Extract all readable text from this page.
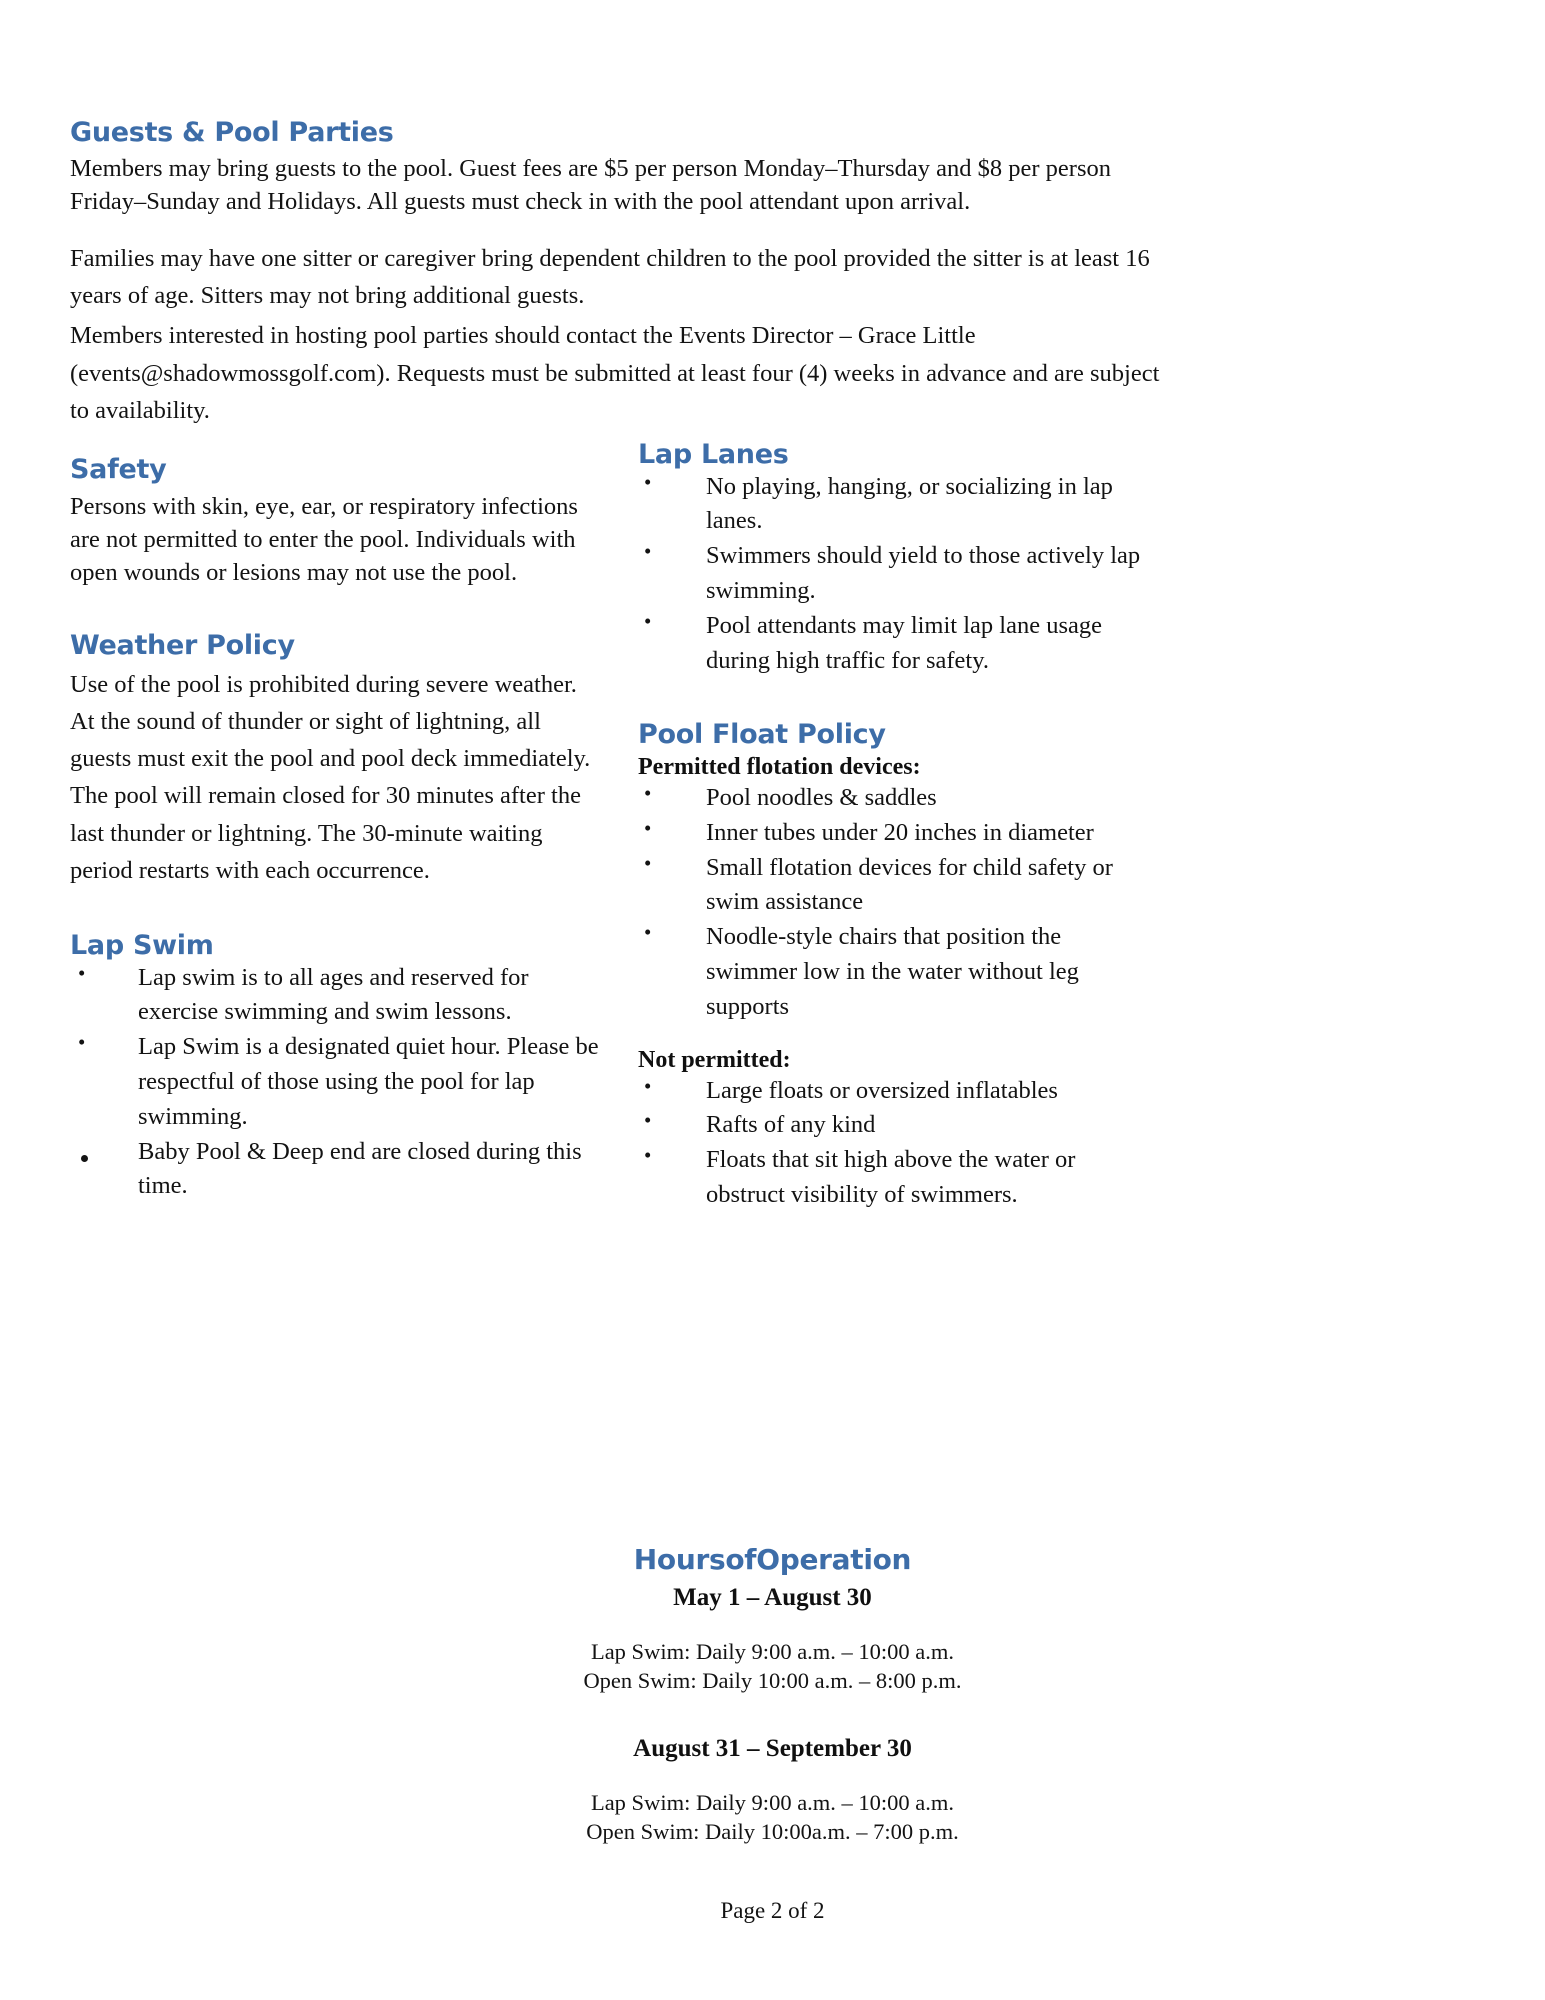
Guests & Pool Parties

Members may bring guests to the pool. Guest fees are $5 per person Monday–Thursday and $8 per person Friday–Sunday and Holidays. All guests must check in with the pool attendant upon arrival.

Families may have one sitter or caregiver bring dependent children to the pool provided the sitter is at least 16 years of age. Sitters may not bring additional guests.

Members interested in hosting pool parties should contact the Events Director – Grace Little (events@shadowmossgolf.com). Requests must be submitted at least four (4) weeks in advance and are subject to availability.

Safety

Persons with skin, eye, ear, or respiratory infections are not permitted to enter the pool. Individuals with open wounds or lesions may not use the pool.

Weather Policy

Use of the pool is prohibited during severe weather. At the sound of thunder or sight of lightning, all guests must exit the pool and pool deck immediately. The pool will remain closed for 30 minutes after the last thunder or lightning. The 30-minute waiting period restarts with each occurrence.

Lap Swim
• Lap swim is to all ages and reserved for exercise swimming and swim lessons.
• Lap Swim is a designated quiet hour. Please be respectful of those using the pool for lap swimming.
Baby Pool & Deep end are closed during this time.
Lap Lanes
• No playing, hanging, or socializing in lap lanes.
• Swimmers should yield to those actively lap swimming.
• Pool attendants may limit lap lane usage during high traffic for safety.
Pool Float Policy

Permitted flotation devices:

• Pool noodles & saddles
• Inner tubes under 20 inches in diameter
• Small flotation devices for child safety or swim assistance
• Noodle-style chairs that position the swimmer low in the water without leg supports

Not permitted:

• Large floats or oversized inflatables
• Rafts of any kind
• Floats that sit high above the water or obstruct visibility of swimmers.
HoursofOperation

May 1 – August 30

Lap Swim: Daily 9:00 a.m. – 10:00 a.m.

Open Swim: Daily 10:00 a.m. – 8:00 p.m.

August 31 – September 30

Lap Swim: Daily 9:00 a.m. – 10:00 a.m.

Open Swim: Daily 10:00a.m. – 7:00 p.m.

Page 2 of 2
